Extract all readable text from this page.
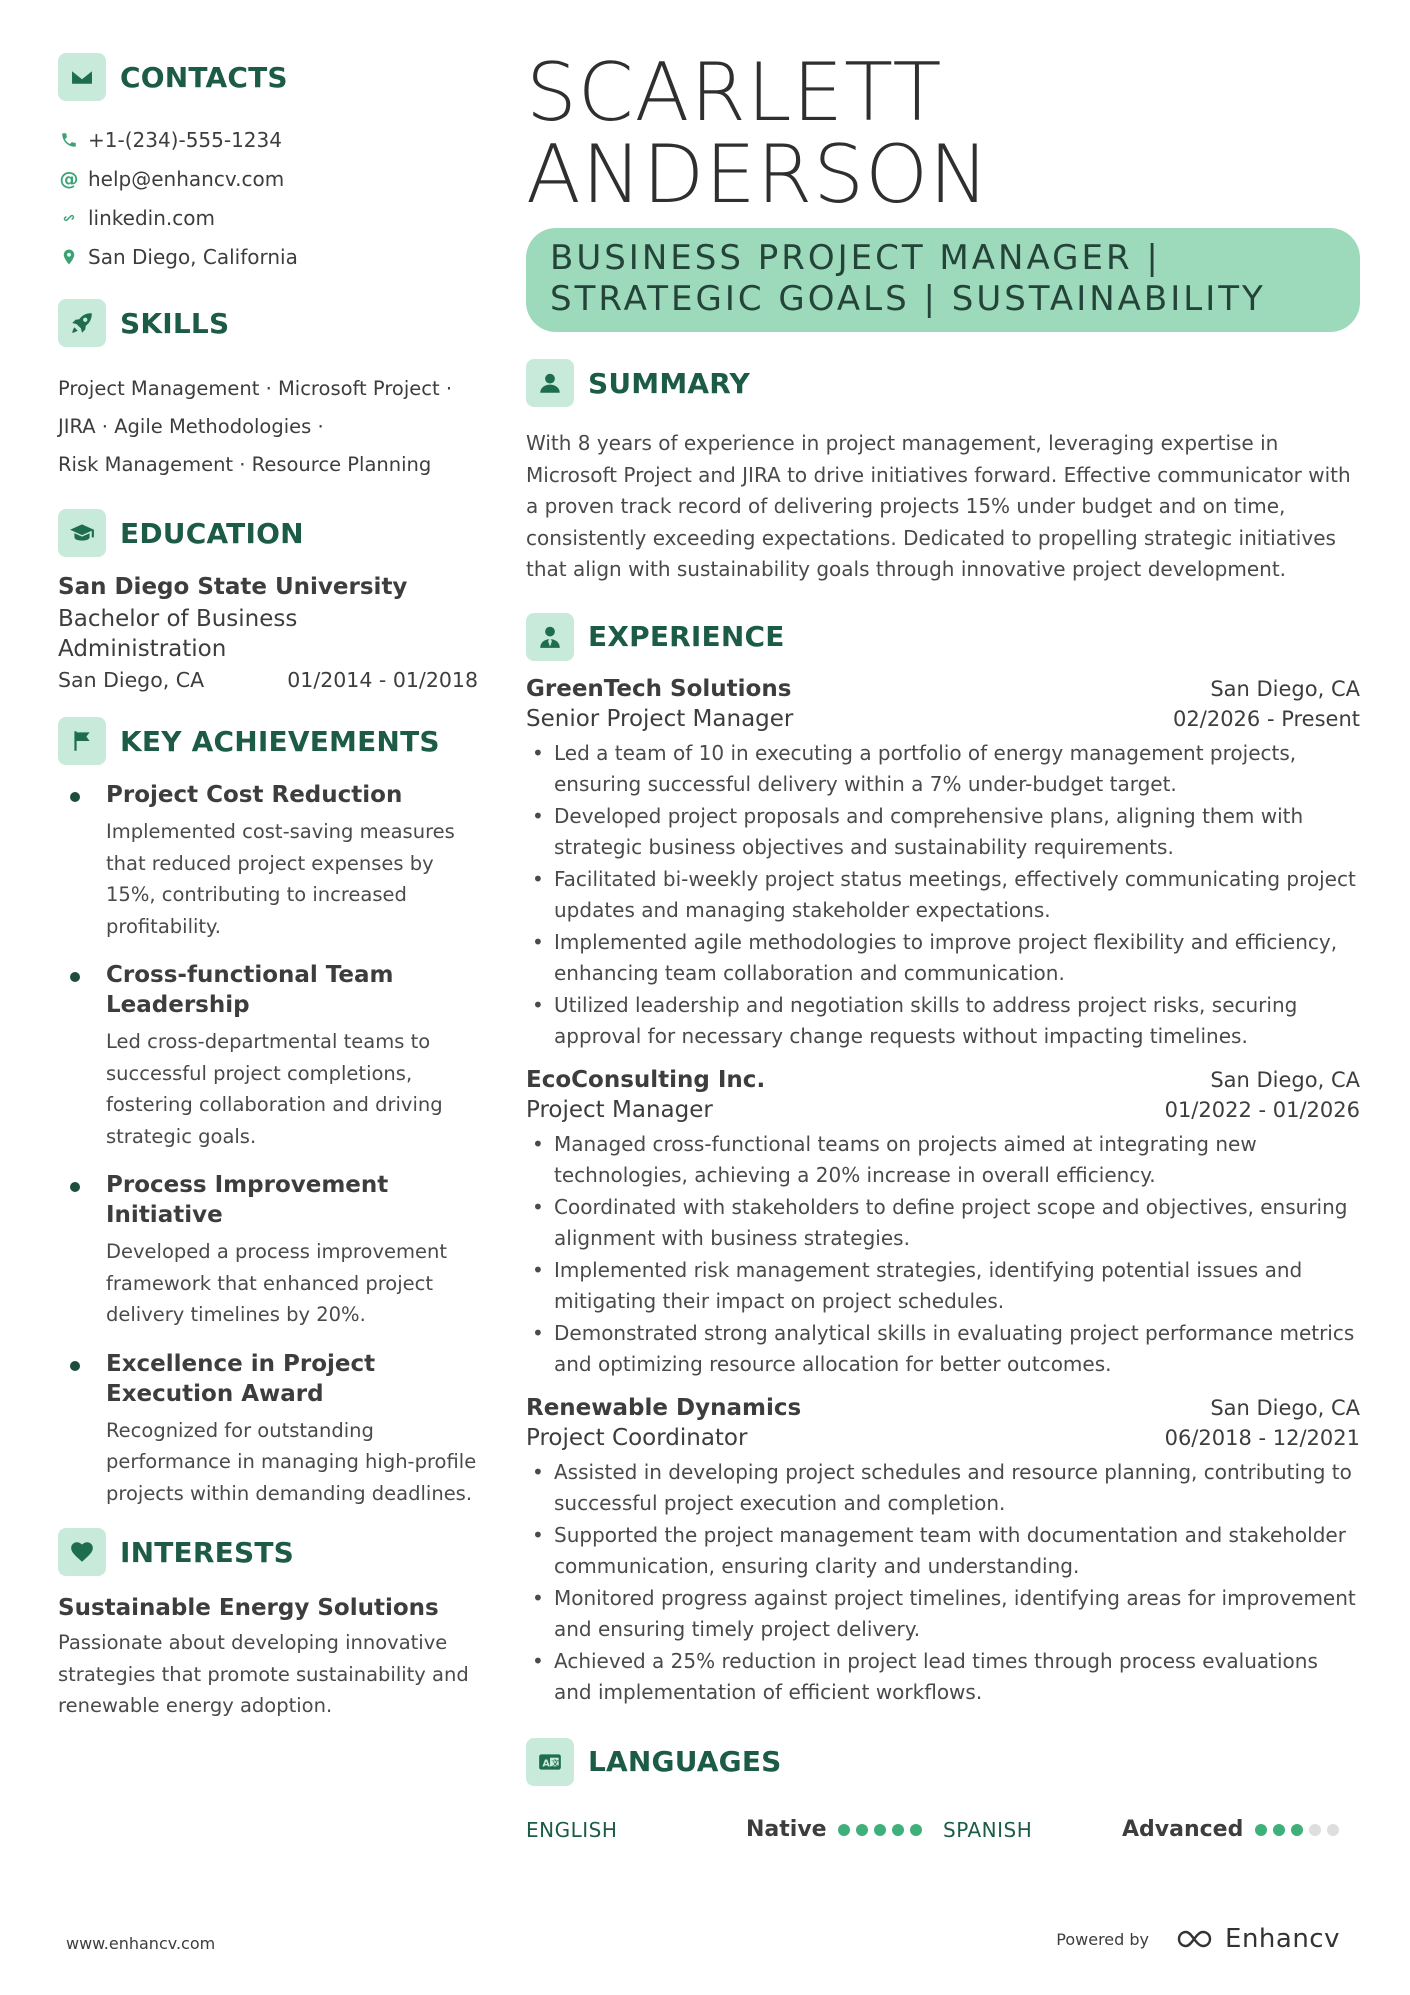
CONTACTS
+1-(234)-555-1234
@ help@enhancv.com
linkedin.com
San Diego, California
SKILLS
Project Management · Microsoft Project ·
JIRA · Agile Methodologies ·
Risk Management · Resource Planning
EDUCATION
San Diego State University
Bachelor of Business
Administration
San Diego, CA	01/2014 - 01/2018
KEY ACHIEVEMENTS
Project Cost Reduction
Implemented cost-saving measures that reduced project expenses by 15%, contributing to increased profitability.
Cross-functional Team Leadership
Led cross-departmental teams to successful project completions, fostering collaboration and driving strategic goals.
Process Improvement Initiative
Developed a process improvement framework that enhanced project delivery timelines by 20%.
Excellence in Project Execution Award
Recognized for outstanding performance in managing high-profile projects within demanding deadlines.
INTERESTS
Sustainable Energy Solutions
Passionate about developing innovative strategies that promote sustainability and renewable energy adoption.
SCARLETT
ANDERSON
BUSINESS PROJECT MANAGER |
STRATEGIC GOALS | SUSTAINABILITY
SUMMARY
With 8 years of experience in project management, leveraging expertise in Microsoft Project and JIRA to drive initiatives forward. Effective communicator with a proven track record of delivering projects 15% under budget and on time, consistently exceeding expectations. Dedicated to propelling strategic initiatives that align with sustainability goals through innovative project development.
EXPERIENCE
GreenTech Solutions	San Diego, CA
Senior Project Manager	02/2026 - Present
• Led a team of 10 in executing a portfolio of energy management projects, ensuring successful delivery within a 7% under-budget target.
• Developed project proposals and comprehensive plans, aligning them with strategic business objectives and sustainability requirements.
• Facilitated bi-weekly project status meetings, effectively communicating project updates and managing stakeholder expectations.
• Implemented agile methodologies to improve project flexibility and efficiency, enhancing team collaboration and communication.
• Utilized leadership and negotiation skills to address project risks, securing approval for necessary change requests without impacting timelines.
EcoConsulting Inc.	San Diego, CA
Project Manager	01/2022 - 01/2026
• Managed cross-functional teams on projects aimed at integrating new technologies, achieving a 20% increase in overall efficiency.
• Coordinated with stakeholders to define project scope and objectives, ensuring alignment with business strategies.
• Implemented risk management strategies, identifying potential issues and mitigating their impact on project schedules.
• Demonstrated strong analytical skills in evaluating project performance metrics and optimizing resource allocation for better outcomes.
Renewable Dynamics	San Diego, CA
Project Coordinator	06/2018 - 12/2021
• Assisted in developing project schedules and resource planning, contributing to successful project execution and completion.
• Supported the project management team with documentation and stakeholder communication, ensuring clarity and understanding.
• Monitored progress against project timelines, identifying areas for improvement and ensuring timely project delivery.
• Achieved a 25% reduction in project lead times through process evaluations and implementation of efficient workflows.
A 文 LANGUAGES
ENGLISH	Native	SPANISH	Advanced
www.enhancv.com	Powered by	Enhancv
